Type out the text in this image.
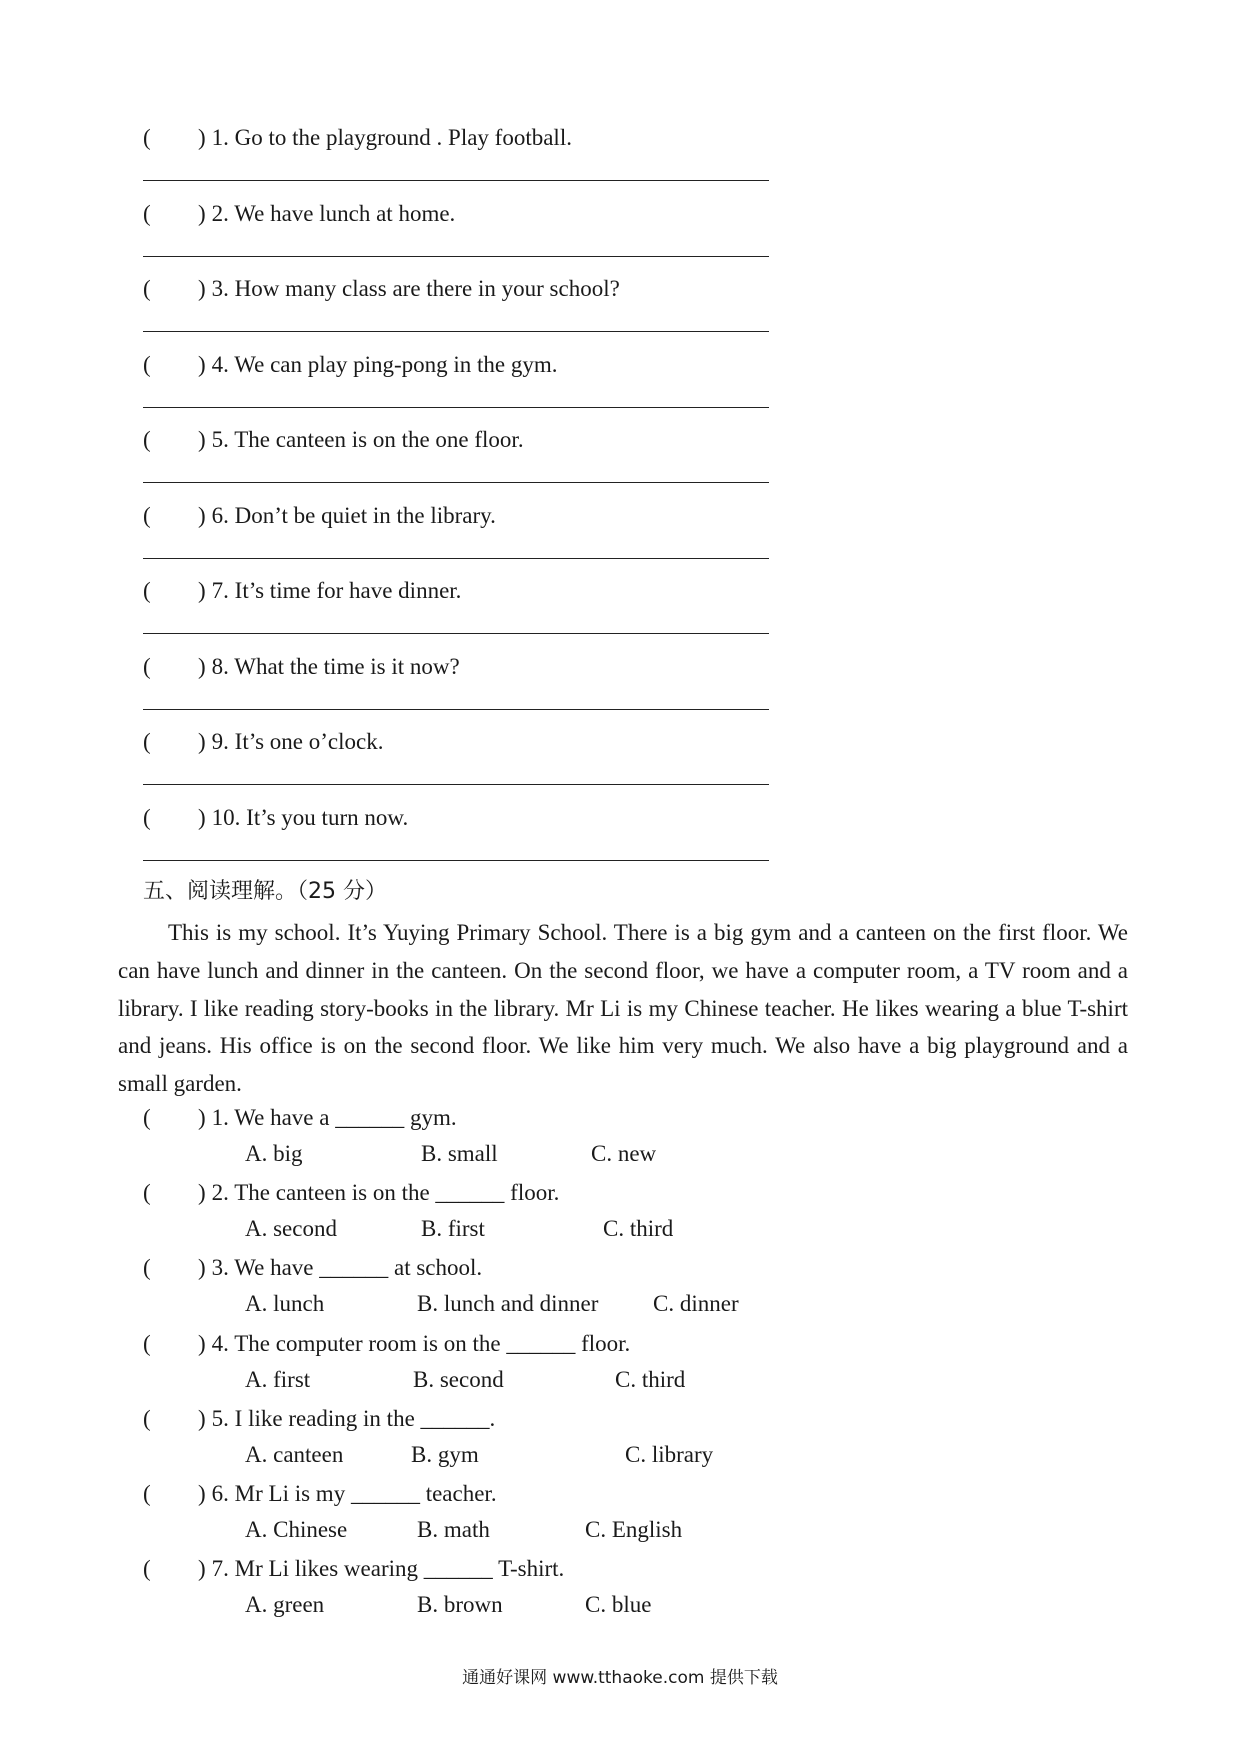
(	) 1. Go to the playground . Play football.
(	) 2. We have lunch at home.
(	) 3. How many class are there in your school?
(	) 4. We can play ping-pong in the gym.
(	) 5. The canteen is on the one floor.
(	) 6. Don’t be quiet in the library.
(	) 7. It’s time for have dinner.
(	) 8. What the time is it now?
(	) 9. It’s one o’clock.
(	) 10. It’s you turn now.
五、阅读理解。（25 分）
This is my school. It’s Yuying Primary School. There is a big gym and a canteen on the first floor. We can have lunch and dinner in the canteen. On the second floor, we have a computer room, a TV room and a library. I like reading story-books in the library. Mr Li is my Chinese teacher. He likes wearing a blue T-shirt and jeans. His office is on the second floor. We like him very much. We also have a big playground and a small garden.
(	) 1. We have a ______ gym.
A. big	B. small	C. new
(	) 2. The canteen is on the ______ floor.
A. second	B. first	C. third
(	) 3. We have ______ at school.
A. lunch	B. lunch and dinner C. dinner
(	) 4. The computer room is on the ______ floor.
A. first	B. second	C. third
(	) 5. I like reading in the ______.
A. canteen	B. gym	C. library
(	) 6. Mr Li is my ______ teacher.
A. Chinese	B. math	C. English
(	) 7. Mr Li likes wearing ______ T-shirt.
A. green	B. brown	C. blue
通通好课网 www.tthaoke.com 提供下载
